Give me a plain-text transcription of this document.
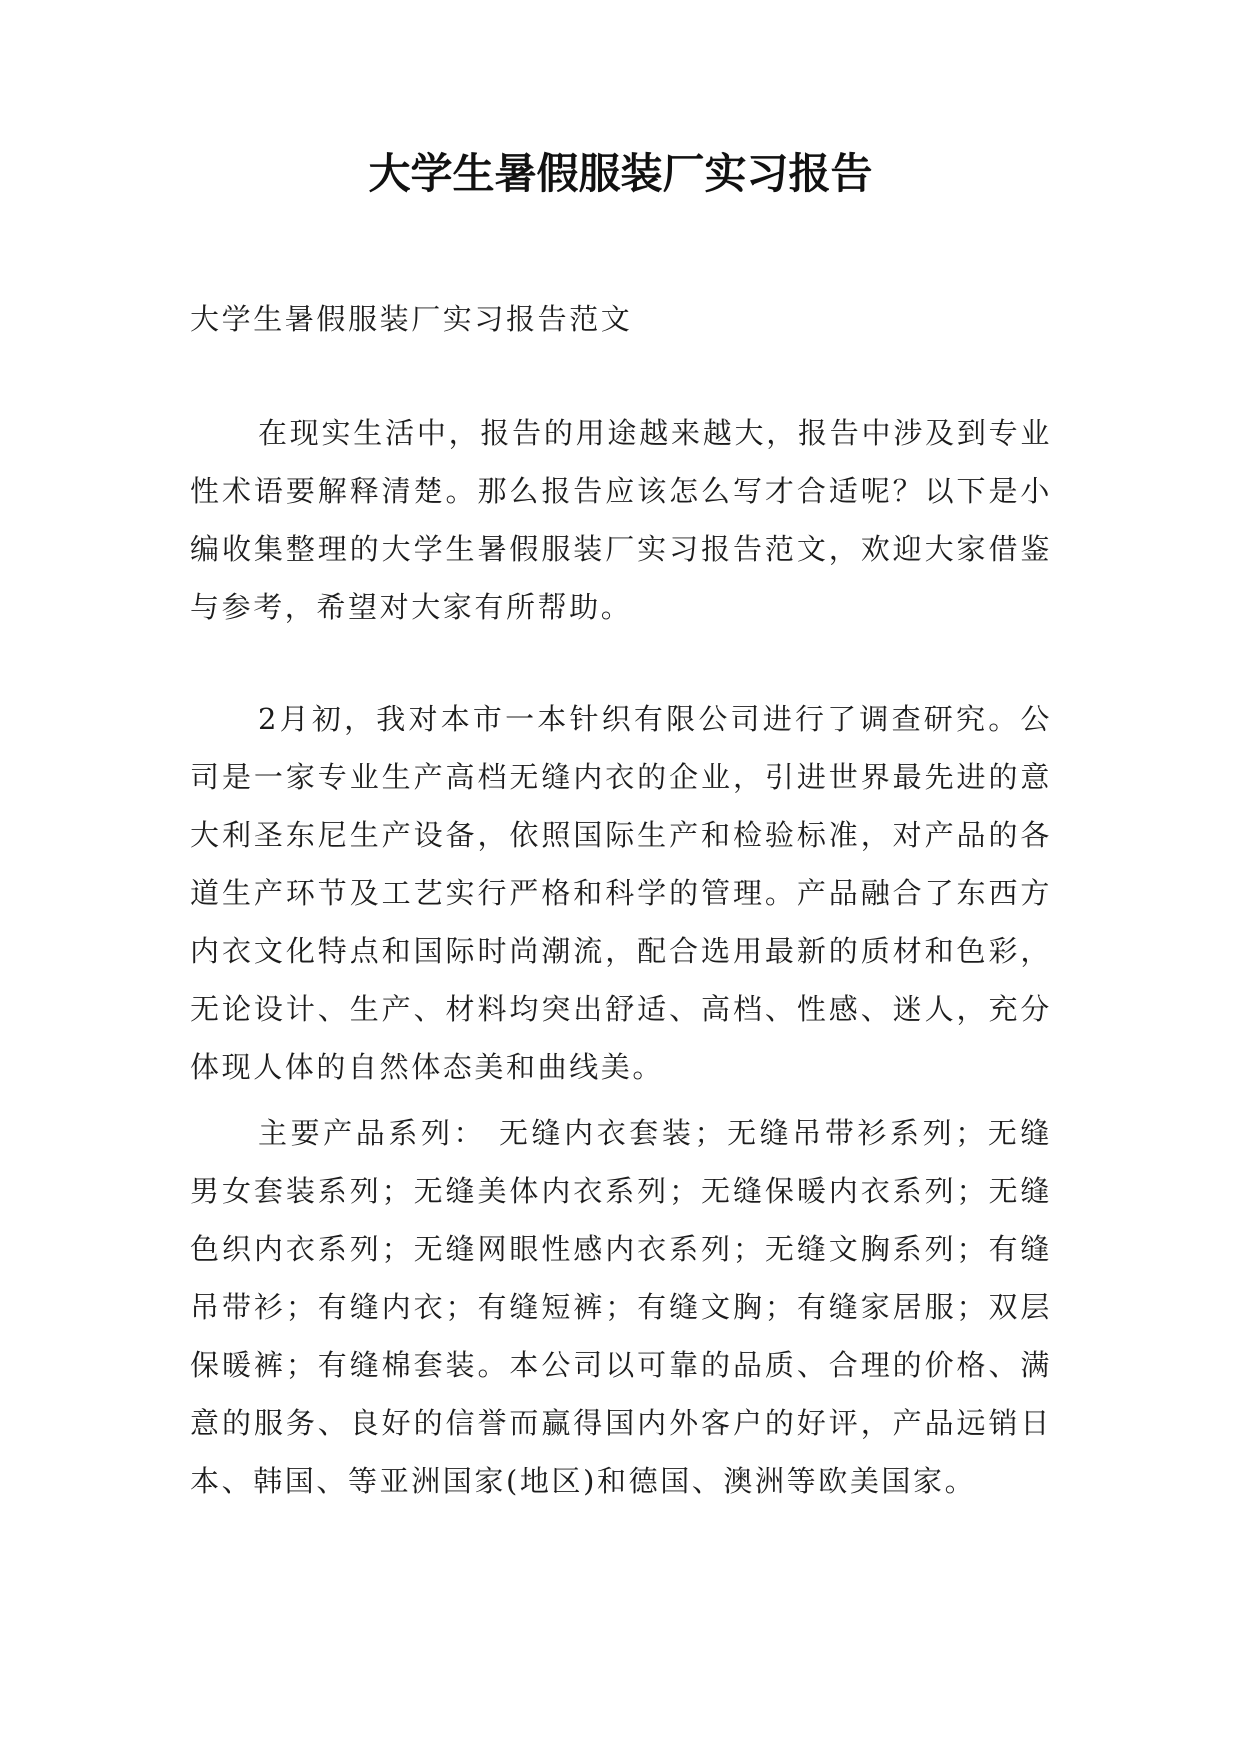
大学生暑假服装厂实习报告

大学生暑假服装厂实习报告范文

在现实生活中，报告的用途越来越大，报告中涉及到专业性术语要解释清楚。那么报告应该怎么写才合适呢？以下是小编收集整理的大学生暑假服装厂实习报告范文，欢迎大家借鉴与参考，希望对大家有所帮助。

2月初，我对本市一本针织有限公司进行了调查研究。公司是一家专业生产高档无缝内衣的企业，引进世界最先进的意大利圣东尼生产设备，依照国际生产和检验标准，对产品的各道生产环节及工艺实行严格和科学的管理。产品融合了东西方内衣文化特点和国际时尚潮流，配合选用最新的质材和色彩，无论设计、生产、材料均突出舒适、高档、性感、迷人，充分体现人体的自然体态美和曲线美。

主要产品系列： 无缝内衣套装；无缝吊带衫系列；无缝男女套装系列；无缝美体内衣系列；无缝保暖内衣系列；无缝色织内衣系列；无缝网眼性感内衣系列；无缝文胸系列；有缝吊带衫；有缝内衣；有缝短裤；有缝文胸；有缝家居服；双层保暖裤；有缝棉套装。本公司以可靠的品质、合理的价格、满意的服务、良好的信誉而赢得国内外客户的好评，产品远销日本、韩国、等亚洲国家(地区)和德国、澳洲等欧美国家。
